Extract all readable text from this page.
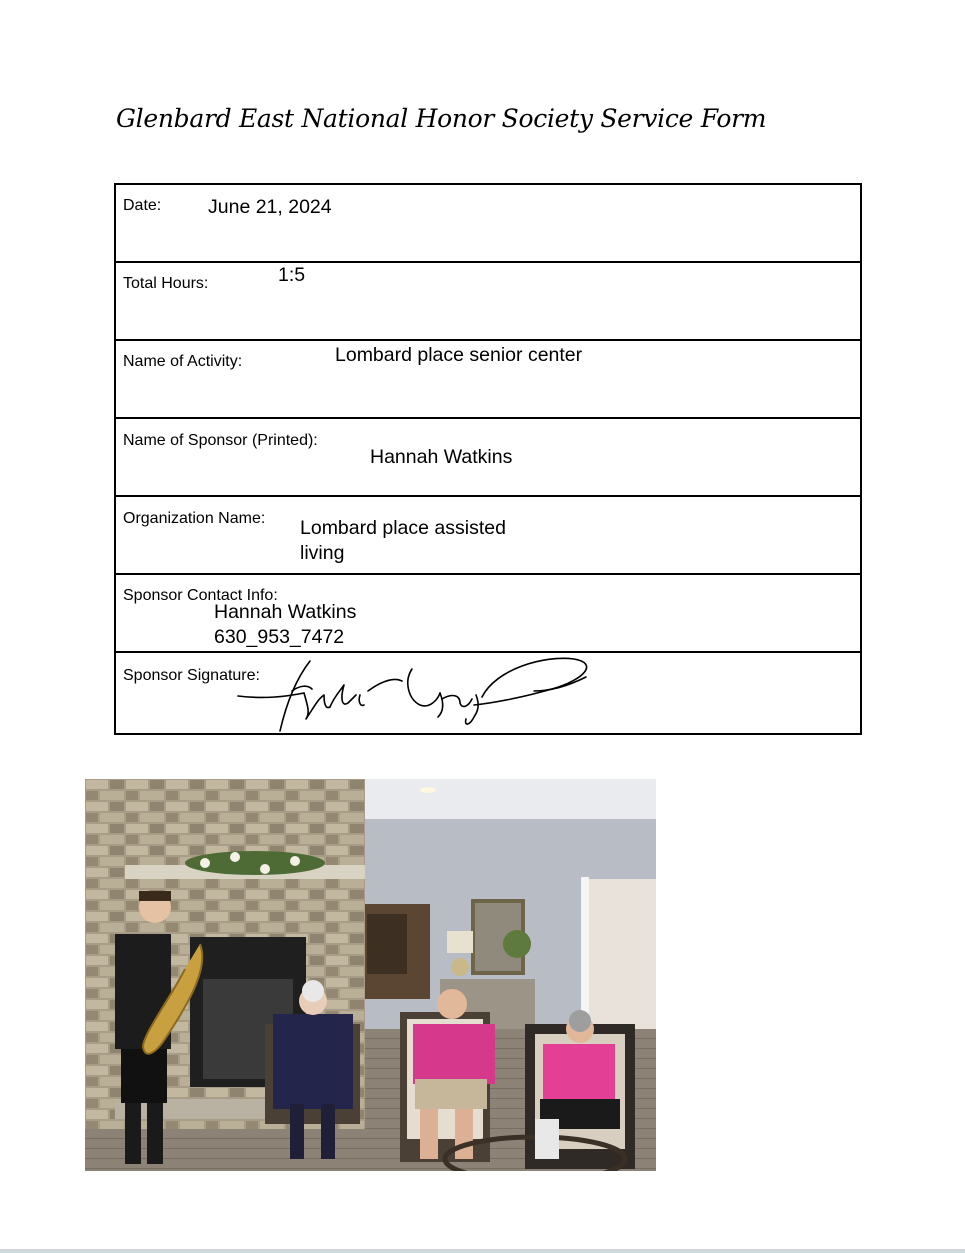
Glenbard East National Honor Society Service Form
Date: June 21, 2024
Total Hours:	1:5
Name of Activity:	Lombard place senior center
Name of Sponsor (Printed):
Hannah Watkins
Organization Name: Lombard place assisted
living
Sponsor Contact Info:
Hannah Watkins
630_953_7472
Sponsor Signature:
